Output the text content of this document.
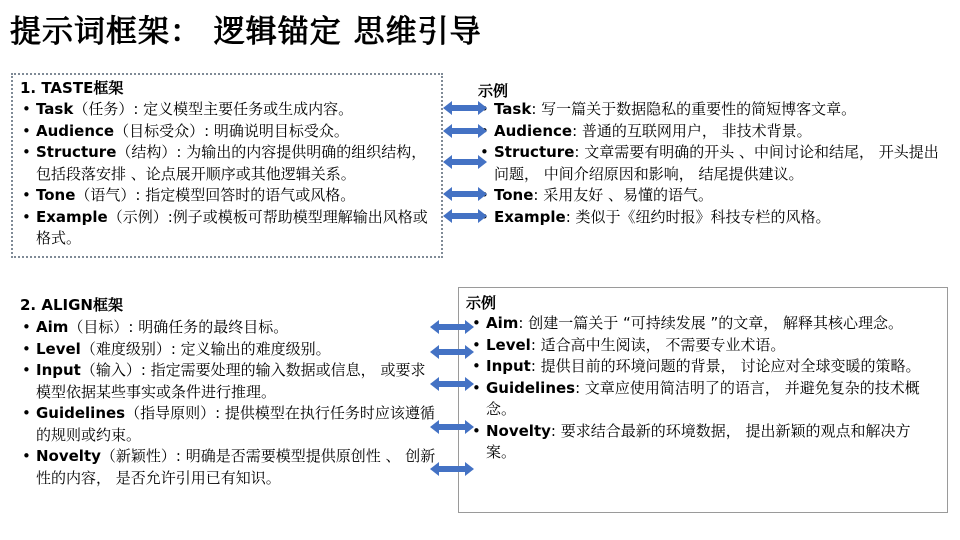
提示词框架： 逻辑锚定 思维引导
1. TASTE框架
• Task（任务）: 定义模型主要任务或生成内容。
• Audience（目标受众）: 明确说明目标受众。
• Structure（结构）: 为输出的内容提供明确的组织结构，包括段落安排 、论点展开顺序或其他逻辑关系。
• Tone（语气）: 指定模型回答时的语气或风格。
• Example（示例）:例子或模板可帮助模型理解输出风格或格式。
示例
• Task: 写一篇关于数据隐私的重要性的简短博客文章。
• Audience: 普通的互联网用户， 非技术背景。
• Structure: 文章需要有明确的开头 、中间讨论和结尾， 开头提出问题， 中间介绍原因和影响， 结尾提供建议。
• Tone: 采用友好 、易懂的语气。
• Example: 类似于《纽约时报》科技专栏的风格。
2. ALIGN框架
• Aim（目标）: 明确任务的最终目标。
• Level（难度级别）: 定义输出的难度级别。
• Input（输入）: 指定需要处理的输入数据或信息， 或要求模型依据某些事实或条件进行推理。
• Guidelines（指导原则）: 提供模型在执行任务时应该遵循的规则或约束。
• Novelty（新颖性）: 明确是否需要模型提供原创性 、 创新性的内容， 是否允许引用已有知识。
示例
• Aim: 创建一篇关于 “可持续发展 ”的文章， 解释其核心理念。
• Level: 适合高中生阅读， 不需要专业术语。
• Input: 提供目前的环境问题的背景， 讨论应对全球变暖的策略。
• Guidelines: 文章应使用简洁明了的语言， 并避免复杂的技术概念。
• Novelty: 要求结合最新的环境数据， 提出新颖的观点和解决方案。
